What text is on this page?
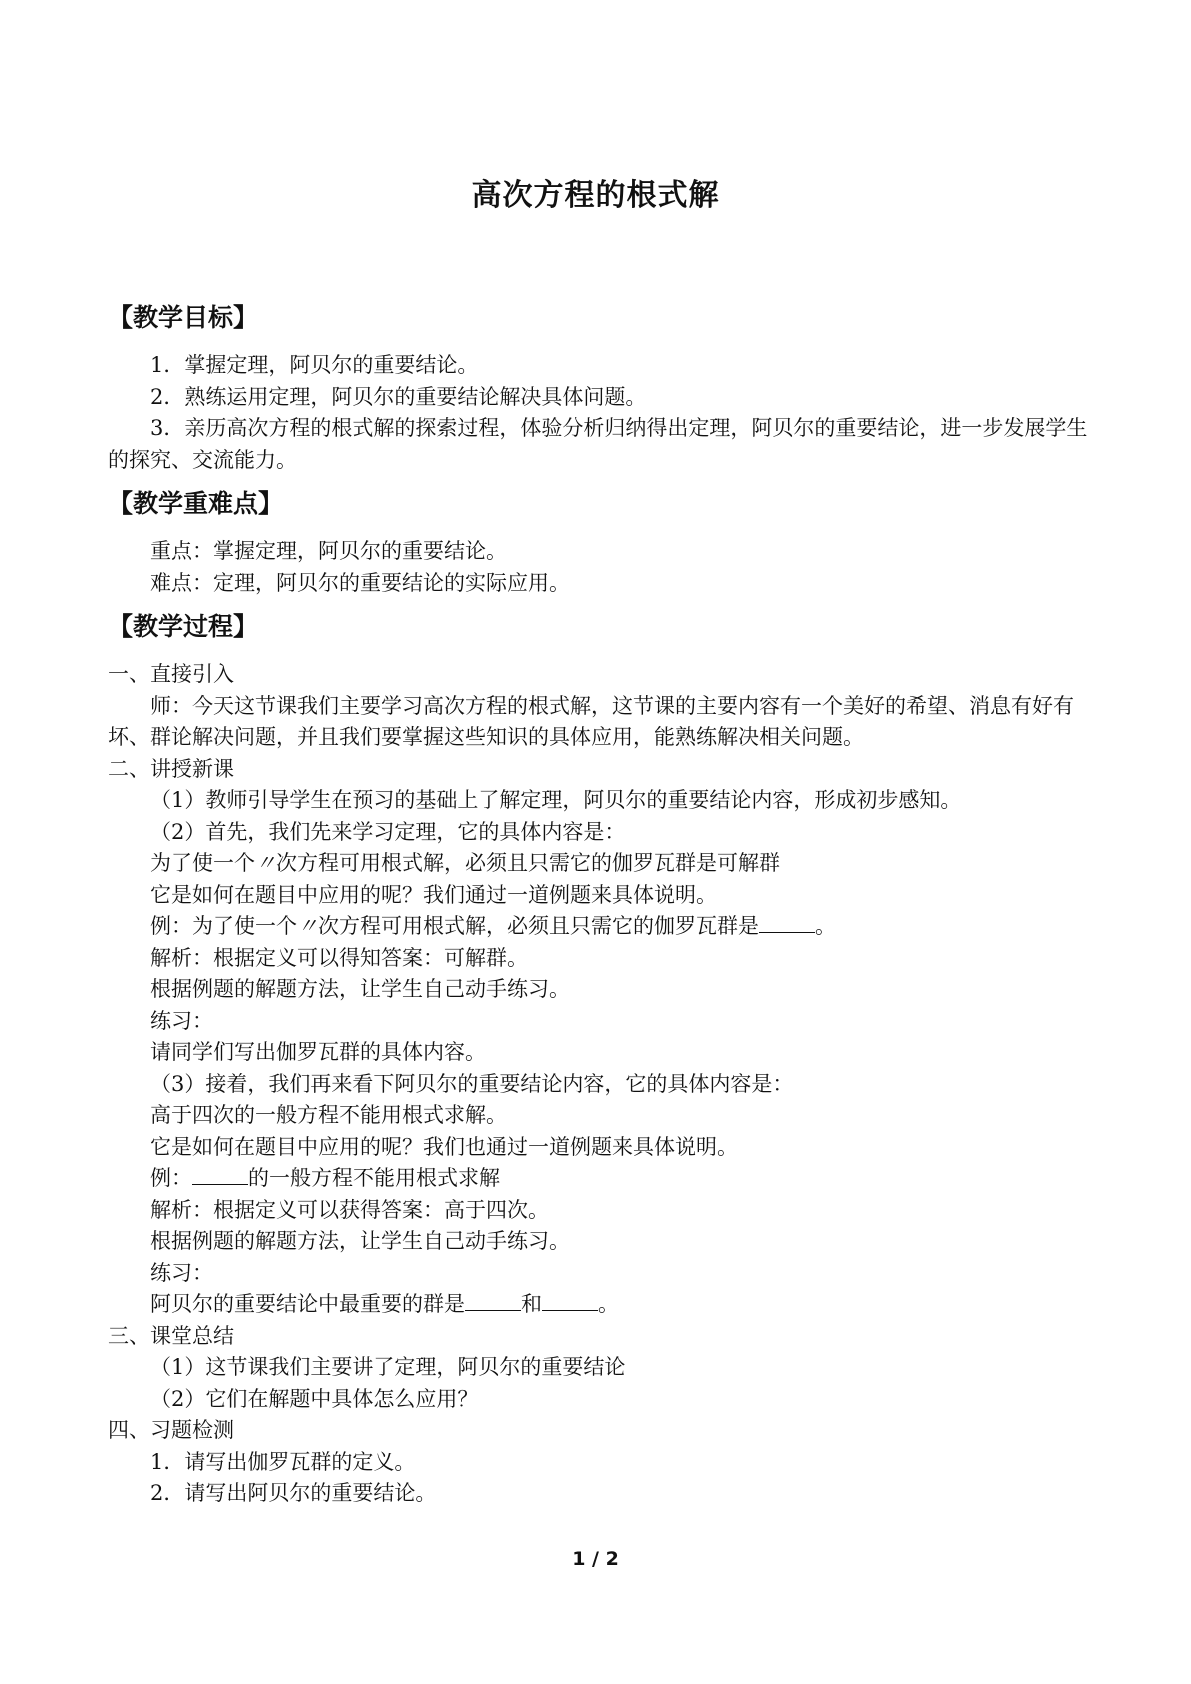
高次方程的根式解
【教学目标】

1．掌握定理，阿贝尔的重要结论。

2．熟练运用定理，阿贝尔的重要结论解决具体问题。

3．亲历高次方程的根式解的探索过程，体验分析归纳得出定理，阿贝尔的重要结论，进一步发展学生的探究、交流能力。

【教学重难点】

重点：掌握定理，阿贝尔的重要结论。

难点：定理，阿贝尔的重要结论的实际应用。

【教学过程】

一、直接引入

师：今天这节课我们主要学习高次方程的根式解，这节课的主要内容有一个美好的希望、消息有好有坏、群论解决问题，并且我们要掌握这些知识的具体应用，能熟练解决相关问题。

二、讲授新课

（1）教师引导学生在预习的基础上了解定理，阿贝尔的重要结论内容，形成初步感知。

（2）首先，我们先来学习定理，它的具体内容是：

为了使一个〃次方程可用根式解，必须且只需它的伽罗瓦群是可解群

它是如何在题目中应用的呢？我们通过一道例题来具体说明。

例：为了使一个〃次方程可用根式解，必须且只需它的伽罗瓦群是	。

解析：根据定义可以得知答案：可解群。

根据例题的解题方法，让学生自己动手练习。

练习：

请同学们写出伽罗瓦群的具体内容。

（3）接着，我们再来看下阿贝尔的重要结论内容，它的具体内容是：

高于四次的一般方程不能用根式求解。

它是如何在题目中应用的呢？我们也通过一道例题来具体说明。

例：	的一般方程不能用根式求解

解析：根据定义可以获得答案：高于四次。

根据例题的解题方法，让学生自己动手练习。

练习：

阿贝尔的重要结论中最重要的群是	和	。

三、课堂总结

（1）这节课我们主要讲了定理，阿贝尔的重要结论

（2）它们在解题中具体怎么应用？

四、习题检测

1．请写出伽罗瓦群的定义。

2．请写出阿贝尔的重要结论。

1 / 2
